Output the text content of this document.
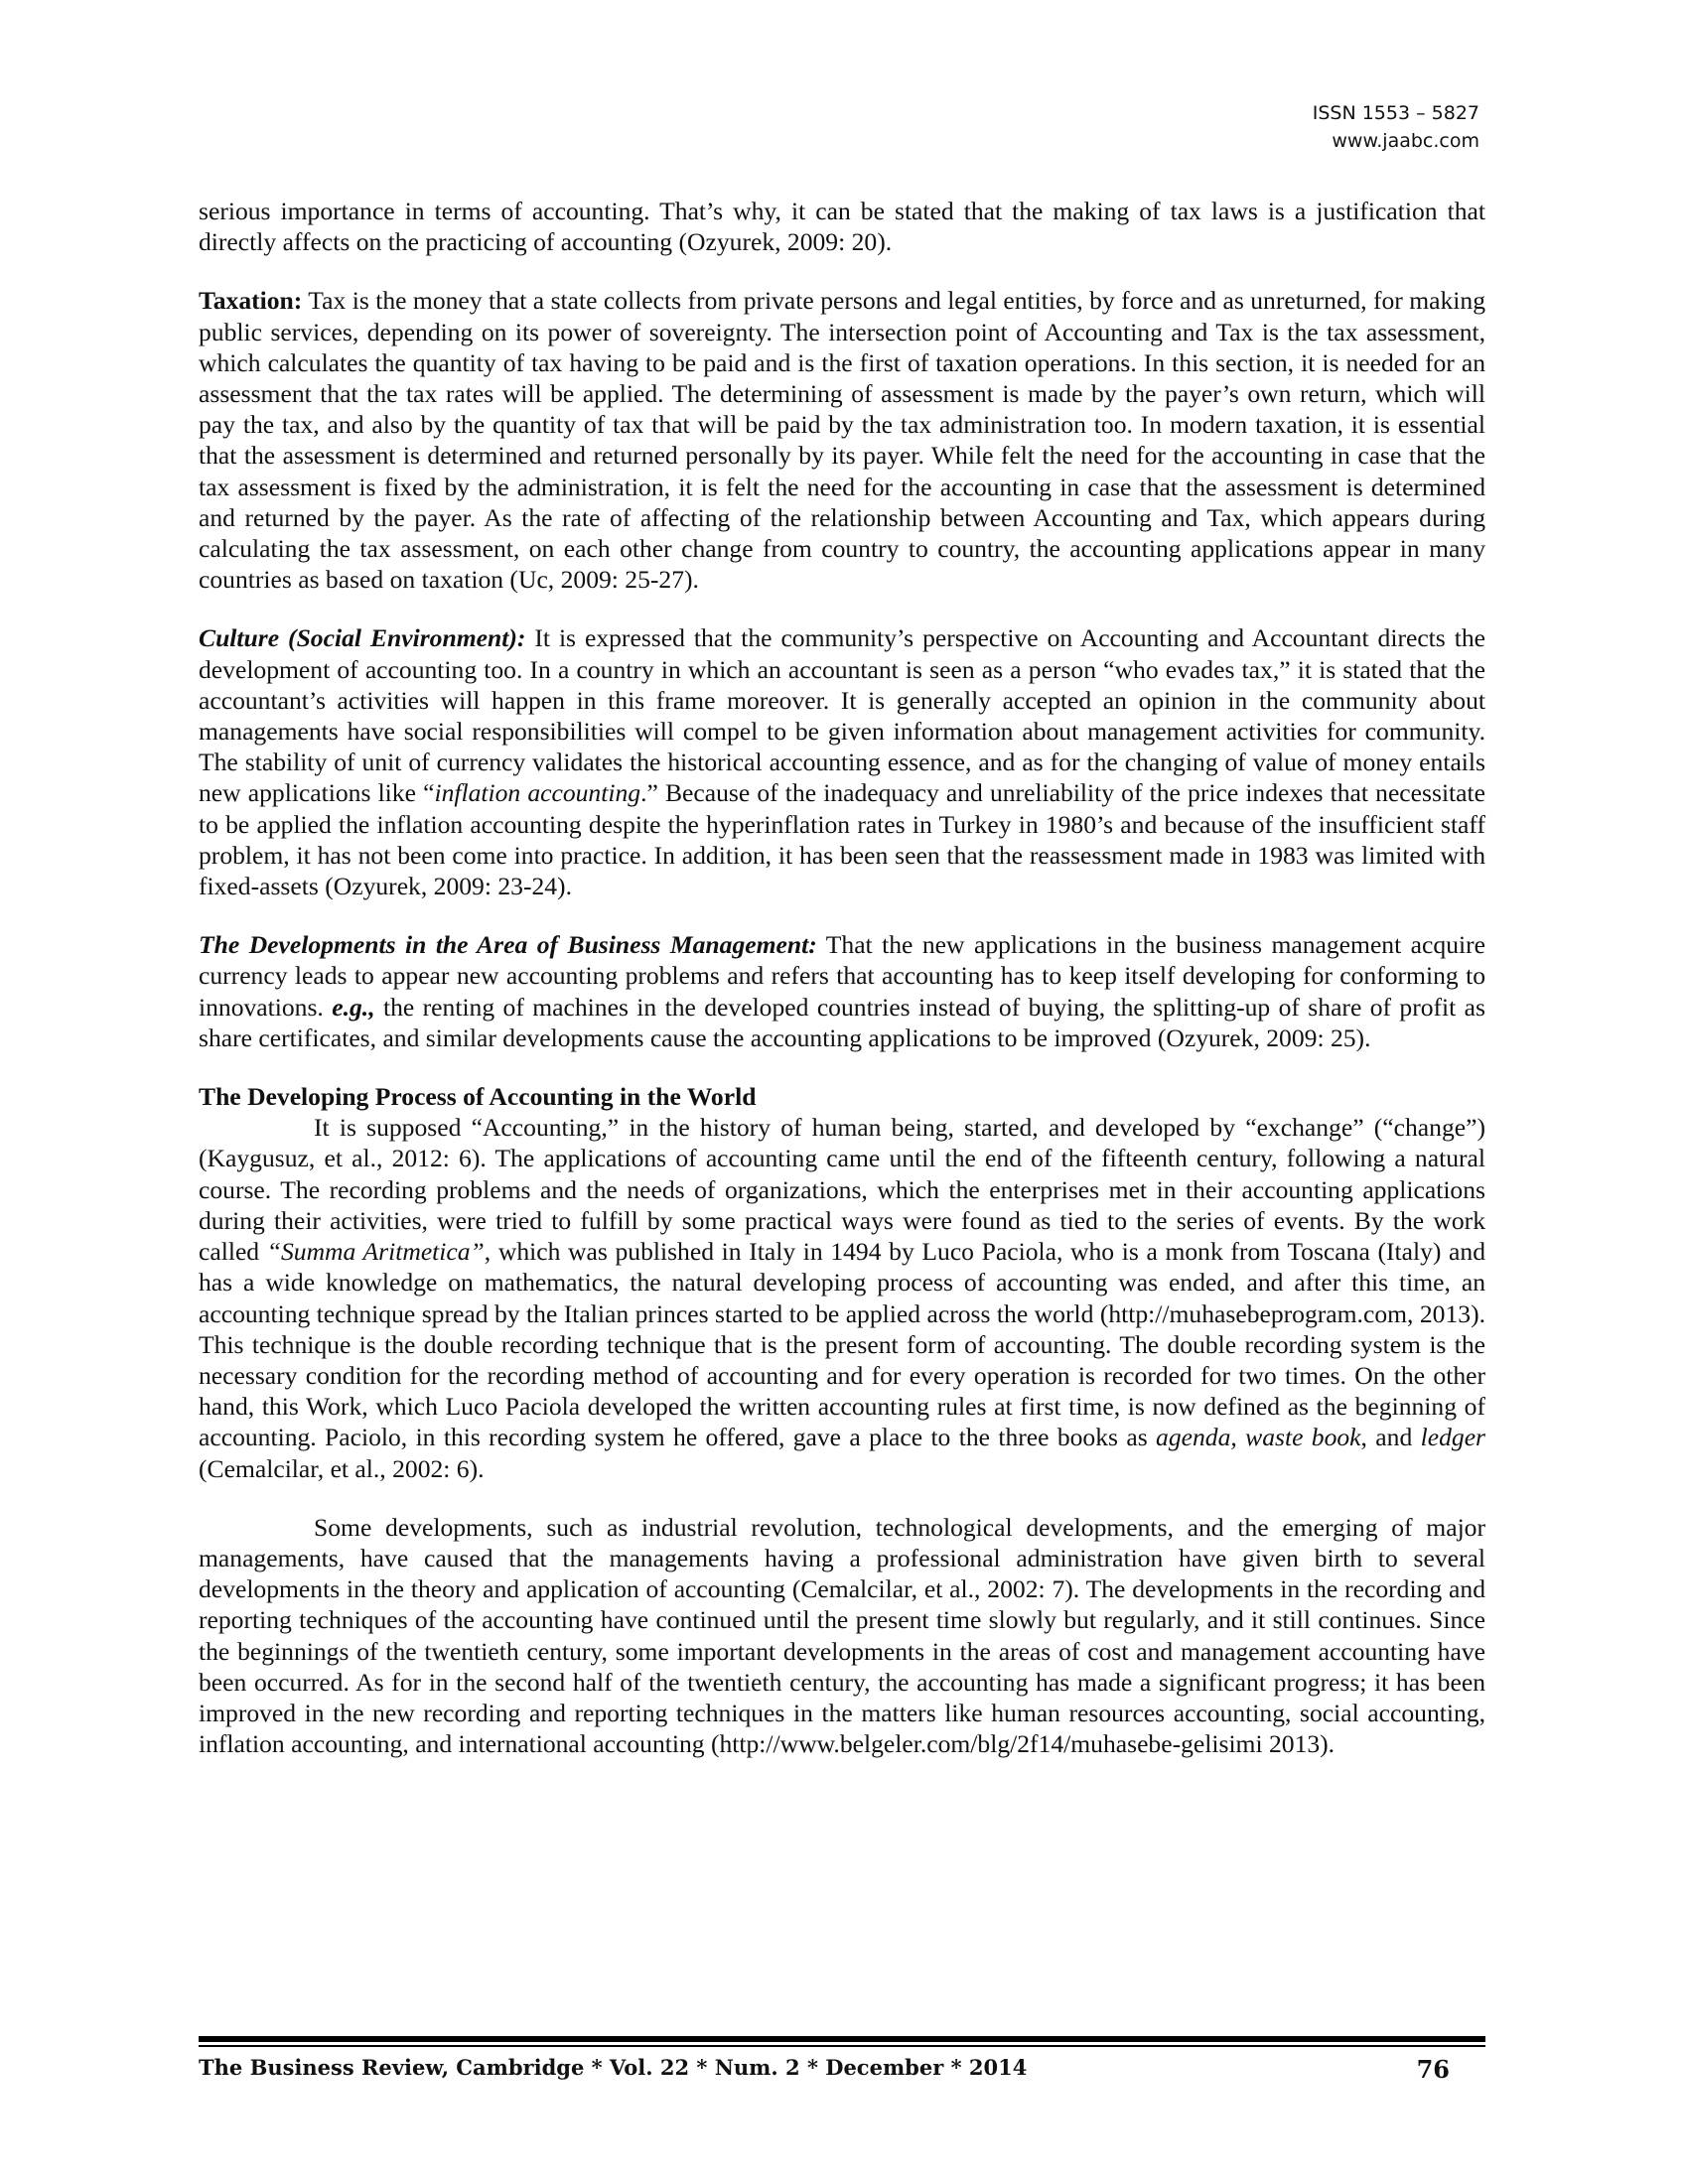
ISSN 1553 – 5827
www.jaabc.com

serious importance in terms of accounting. That’s why, it can be stated that the making of tax laws is a justification that directly affects on the practicing of accounting (Ozyurek, 2009: 20).

Taxation: Tax is the money that a state collects from private persons and legal entities, by force and as unreturned, for making public services, depending on its power of sovereignty. The intersection point of Accounting and Tax is the tax assessment, which calculates the quantity of tax having to be paid and is the first of taxation operations. In this section, it is needed for an assessment that the tax rates will be applied. The determining of assessment is made by the payer’s own return, which will pay the tax, and also by the quantity of tax that will be paid by the tax administration too. In modern taxation, it is essential that the assessment is determined and returned personally by its payer. While felt the need for the accounting in case that the tax assessment is fixed by the administration, it is felt the need for the accounting in case that the assessment is determined and returned by the payer. As the rate of affecting of the relationship between Accounting and Tax, which appears during calculating the tax assessment, on each other change from country to country, the accounting applications appear in many countries as based on taxation (Uc, 2009: 25-27).

Culture (Social Environment): It is expressed that the community’s perspective on Accounting and Accountant directs the development of accounting too. In a country in which an accountant is seen as a person “who evades tax,” it is stated that the accountant’s activities will happen in this frame moreover. It is generally accepted an opinion in the community about managements have social responsibilities will compel to be given information about management activities for community. The stability of unit of currency validates the historical accounting essence, and as for the changing of value of money entails new applications like “inflation accounting.” Because of the inadequacy and unreliability of the price indexes that necessitate to be applied the inflation accounting despite the hyperinflation rates in Turkey in 1980’s and because of the insufficient staff problem, it has not been come into practice. In addition, it has been seen that the reassessment made in 1983 was limited with fixed-assets (Ozyurek, 2009: 23-24).

The Developments in the Area of Business Management: That the new applications in the business management acquire currency leads to appear new accounting problems and refers that accounting has to keep itself developing for conforming to innovations. e.g., the renting of machines in the developed countries instead of buying, the splitting-up of share of profit as share certificates, and similar developments cause the accounting applications to be improved (Ozyurek, 2009: 25).

The Developing Process of Accounting in the World

It is supposed “Accounting,” in the history of human being, started, and developed by “exchange” (“change”) (Kaygusuz, et al., 2012: 6). The applications of accounting came until the end of the fifteenth century, following a natural course. The recording problems and the needs of organizations, which the enterprises met in their accounting applications during their activities, were tried to fulfill by some practical ways were found as tied to the series of events. By the work called “Summa Aritmetica”, which was published in Italy in 1494 by Luco Paciola, who is a monk from Toscana (Italy) and has a wide knowledge on mathematics, the natural developing process of accounting was ended, and after this time, an accounting technique spread by the Italian princes started to be applied across the world (http://muhasebeprogram.com, 2013). This technique is the double recording technique that is the present form of accounting. The double recording system is the necessary condition for the recording method of accounting and for every operation is recorded for two times. On the other hand, this Work, which Luco Paciola developed the written accounting rules at first time, is now defined as the beginning of accounting. Paciolo, in this recording system he offered, gave a place to the three books as agenda, waste book, and ledger (Cemalcilar, et al., 2002: 6).

Some developments, such as industrial revolution, technological developments, and the emerging of major managements, have caused that the managements having a professional administration have given birth to several developments in the theory and application of accounting (Cemalcilar, et al., 2002: 7). The developments in the recording and reporting techniques of the accounting have continued until the present time slowly but regularly, and it still continues. Since the beginnings of the twentieth century, some important developments in the areas of cost and management accounting have been occurred. As for in the second half of the twentieth century, the accounting has made a significant progress; it has been improved in the new recording and reporting techniques in the matters like human resources accounting, social accounting, inflation accounting, and international accounting (http://www.belgeler.com/blg/2f14/muhasebe-gelisimi 2013).

The Business Review, Cambridge * Vol. 22 * Num. 2 * December * 2014	76
